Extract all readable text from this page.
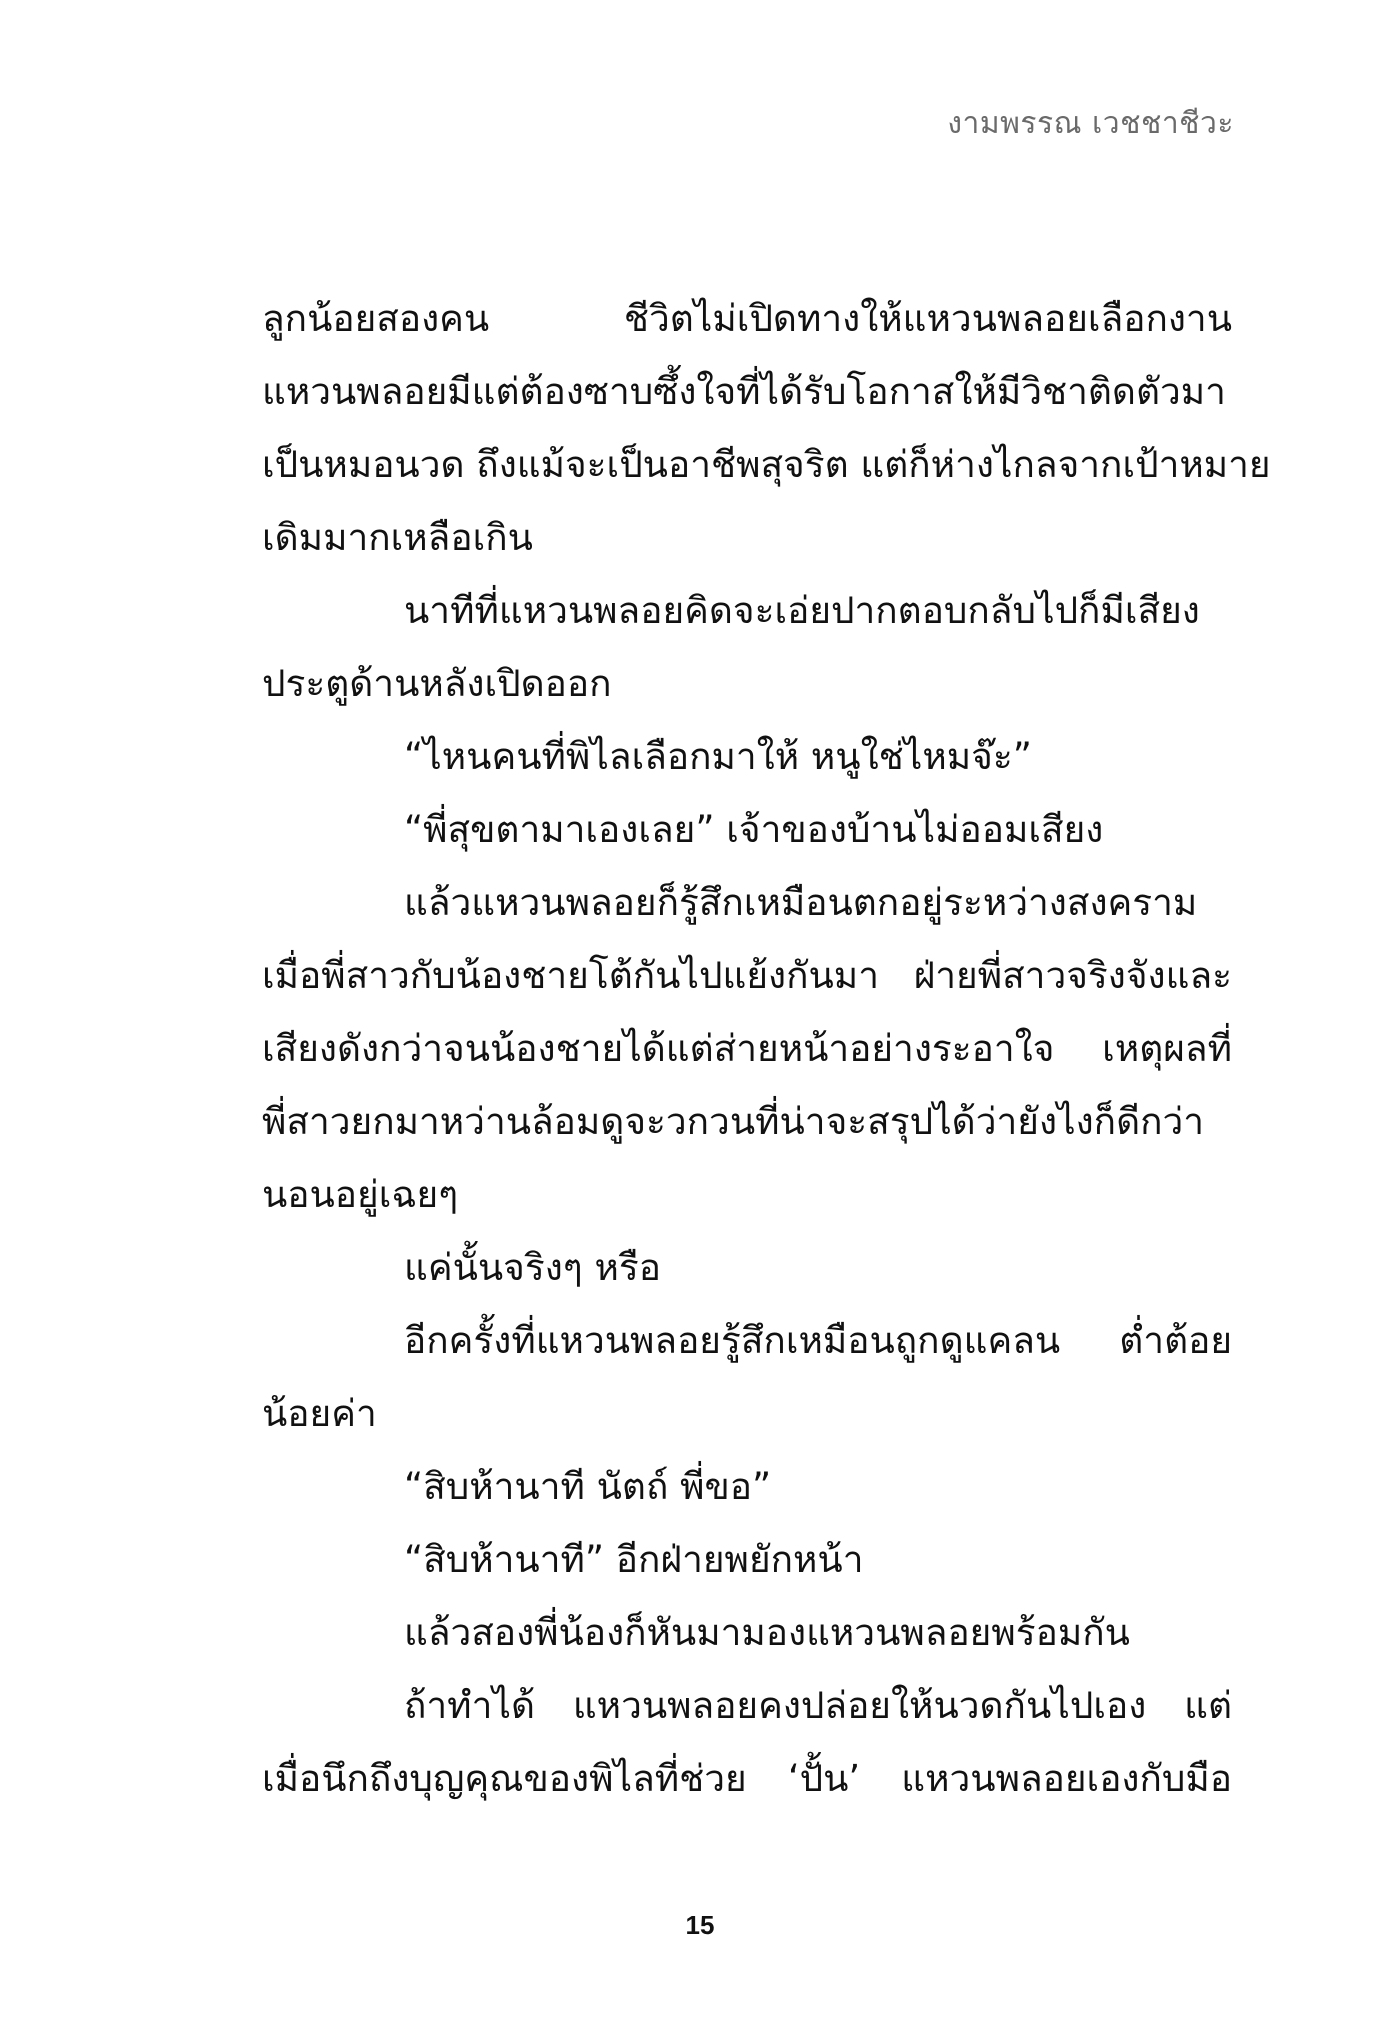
งามพรรณ เวชชาชีวะ
ลูกน้อยสองคน ชีวิตไม่เปิดทางให้แหวนพลอยเลือกงาน
แหวนพลอยมีแต่ต้องซาบซึ้งใจที่ได้รับโอกาสให้มีวิชาติดตัวมา
เป็นหมอนวด ถึงแม้จะเป็นอาชีพสุจริต แต่ก็ห่างไกลจากเป้าหมาย
เดิมมากเหลือเกิน
นาทีที่แหวนพลอยคิดจะเอ่ยปากตอบกลับไปก็มีเสียง
ประตูด้านหลังเปิดออก
“ไหนคนที่พิไลเลือกมาให้ หนูใช่ไหมจ๊ะ”
“พี่สุขตามาเองเลย” เจ้าของบ้านไม่ออมเสียง
แล้วแหวนพลอยก็รู้สึกเหมือนตกอยู่ระหว่างสงคราม
เมื่อพี่สาวกับน้องชายโต้กันไปแย้งกันมา ฝ่ายพี่สาวจริงจังและ
เสียงดังกว่าจนน้องชายได้แต่ส่ายหน้าอย่างระอาใจ เหตุผลที่
พี่สาวยกมาหว่านล้อมดูจะวกวนที่น่าจะสรุปได้ว่ายังไงก็ดีกว่า
นอนอยู่เฉยๆ
แค่นั้นจริงๆ หรือ
อีกครั้งที่แหวนพลอยรู้สึกเหมือนถูกดูแคลน ต่ำต้อย
น้อยค่า
“สิบห้านาที นัตถ์ พี่ขอ”
“สิบห้านาที” อีกฝ่ายพยักหน้า
แล้วสองพี่น้องก็หันมามองแหวนพลอยพร้อมกัน
ถ้าทำได้ แหวนพลอยคงปล่อยให้นวดกันไปเอง แต่
เมื่อนึกถึงบุญคุณของพิไลที่ช่วย ‘ปั้น’ แหวนพลอยเองกับมือ
15
